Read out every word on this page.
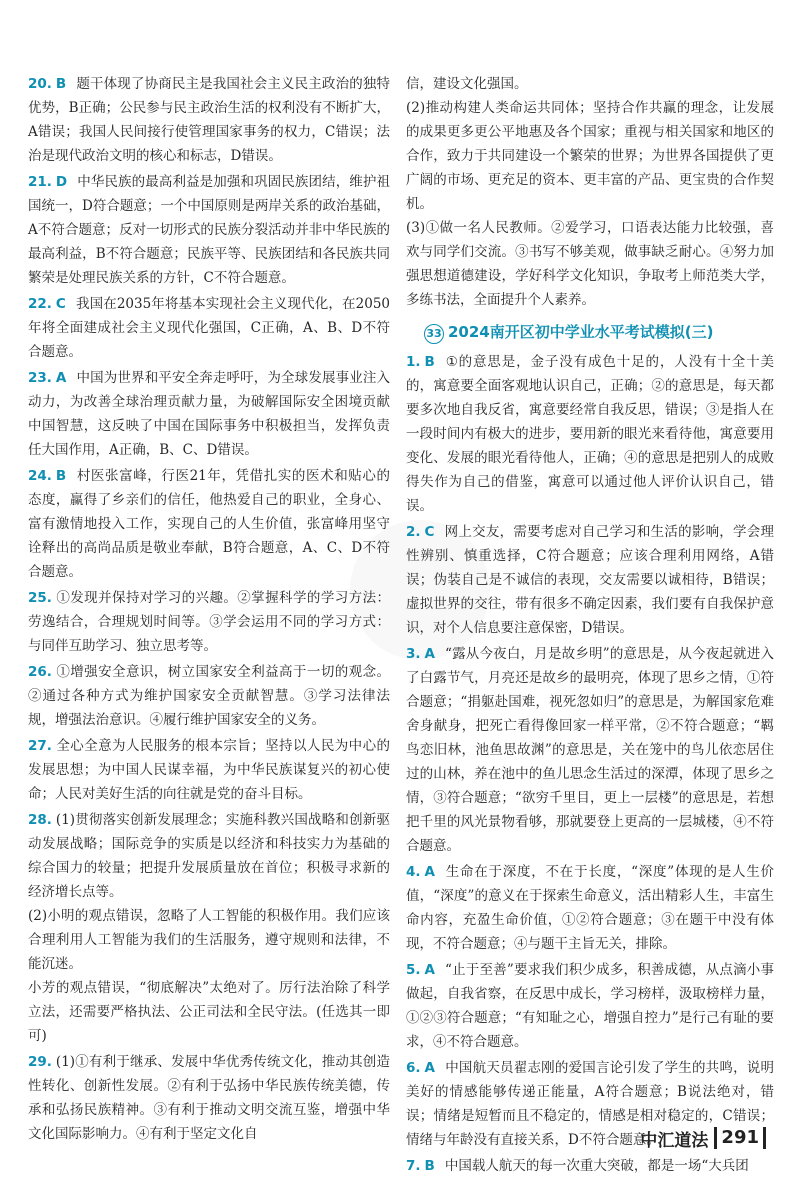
20. B 题干体现了协商民主是我国社会主义民主政治的独特优势，B正确；公民参与民主政治生活的权利没有不断扩大，A错误；我国人民间接行使管理国家事务的权力，C错误；法治是现代政治文明的核心和标志，D错误。
21. D 中华民族的最高利益是加强和巩固民族团结，维护祖国统一，D符合题意；一个中国原则是两岸关系的政治基础，A不符合题意；反对一切形式的民族分裂活动并非中华民族的最高利益，B不符合题意；民族平等、民族团结和各民族共同繁荣是处理民族关系的方针，C不符合题意。
22. C 我国在2035年将基本实现社会主义现代化，在2050年将全面建成社会主义现代化强国，C正确，A、B、D不符合题意。
23. A 中国为世界和平安全奔走呼吁，为全球发展事业注入动力，为改善全球治理贡献力量，为破解国际安全困境贡献中国智慧，这反映了中国在国际事务中积极担当，发挥负责任大国作用，A正确，B、C、D错误。
24. B 村医张富峰，行医21年，凭借扎实的医术和贴心的态度，赢得了乡亲们的信任，他热爱自己的职业，全身心、富有激情地投入工作，实现自己的人生价值，张富峰用坚守诠释出的高尚品质是敬业奉献，B符合题意，A、C、D不符合题意。
25. ①发现并保持对学习的兴趣。②掌握科学的学习方法：劳逸结合，合理规划时间等。③学会运用不同的学习方式：与同伴互助学习、独立思考等。
26. ①增强安全意识，树立国家安全利益高于一切的观念。②通过各种方式为维护国家安全贡献智慧。③学习法律法规，增强法治意识。④履行维护国家安全的义务。
27. 全心全意为人民服务的根本宗旨；坚持以人民为中心的发展思想；为中国人民谋幸福，为中华民族谋复兴的初心使命；人民对美好生活的向往就是党的奋斗目标。
28. (1)贯彻落实创新发展理念；实施科教兴国战略和创新驱动发展战略；国际竞争的实质是以经济和科技实力为基础的综合国力的较量；把提升发展质量放在首位；积极寻求新的经济增长点等。

(2)小明的观点错误，忽略了人工智能的积极作用。我们应该合理利用人工智能为我们的生活服务，遵守规则和法律，不能沉迷。

小芳的观点错误，“彻底解决”太绝对了。厉行法治除了科学立法，还需要严格执法、公正司法和全民守法。(任选其一即可)

29. (1)①有利于继承、发展中华优秀传统文化，推动其创造性转化、创新性发展。②有利于弘扬中华民族传统美德，传承和弘扬民族精神。③有利于推动文明交流互鉴，增强中华文化国际影响力。④有利于坚定文化自

信，建设文化强国。

(2)推动构建人类命运共同体；坚持合作共赢的理念，让发展的成果更多更公平地惠及各个国家；重视与相关国家和地区的合作，致力于共同建设一个繁荣的世界；为世界各国提供了更广阔的市场、更充足的资本、更丰富的产品、更宝贵的合作契机。

(3)①做一名人民教师。②爱学习，口语表达能力比较强，喜欢与同学们交流。③书写不够美观，做事缺乏耐心。④努力加强思想道德建设，学好科学文化知识，争取考上师范类大学，多练书法，全面提升个人素养。

33 2024南开区初中学业水平考试模拟(三)
1. B ①的意思是，金子没有成色十足的，人没有十全十美的，寓意要全面客观地认识自己，正确；②的意思是，每天都要多次地自我反省，寓意要经常自我反思，错误；③是指人在一段时间内有极大的进步，要用新的眼光来看待他，寓意要用变化、发展的眼光看待他人，正确；④的意思是把别人的成败得失作为自己的借鉴，寓意可以通过他人评价认识自己，错误。
2. C 网上交友，需要考虑对自己学习和生活的影响，学会理性辨别、慎重选择，C符合题意；应该合理利用网络，A错误；伪装自己是不诚信的表现，交友需要以诚相待，B错误；虚拟世界的交往，带有很多不确定因素，我们要有自我保护意识，对个人信息要注意保密，D错误。
3. A “露从今夜白，月是故乡明”的意思是，从今夜起就进入了白露节气，月亮还是故乡的最明亮，体现了思乡之情，①符合题意；“捐躯赴国难，视死忽如归”的意思是，为解国家危难舍身献身，把死亡看得像回家一样平常，②不符合题意；“羁鸟恋旧林，池鱼思故渊”的意思是，关在笼中的鸟儿依恋居住过的山林，养在池中的鱼儿思念生活过的深潭，体现了思乡之情，③符合题意；“欲穷千里目，更上一层楼”的意思是，若想把千里的风光景物看够，那就要登上更高的一层城楼，④不符合题意。
4. A 生命在于深度，不在于长度，“深度”体现的是人生价值，“深度”的意义在于探索生命意义，活出精彩人生，丰富生命内容，充盈生命价值，①②符合题意；③在题干中没有体现，不符合题意；④与题干主旨无关，排除。
5. A “止于至善”要求我们积少成多，积善成德，从点滴小事做起，自我省察，在反思中成长，学习榜样，汲取榜样力量，①②③符合题意；“有知耻之心，增强自控力”是行己有耻的要求，④不符合题意。
6. A 中国航天员翟志刚的爱国言论引发了学生的共鸣，说明美好的情感能够传递正能量，A符合题意；B说法绝对，错误；情绪是短暂而且不稳定的，情感是相对稳定的，C错误；情绪与年龄没有直接关系，D不符合题意。
7. B 中国载人航天的每一次重大突破，都是一场“大兵团
中汇道法 291
